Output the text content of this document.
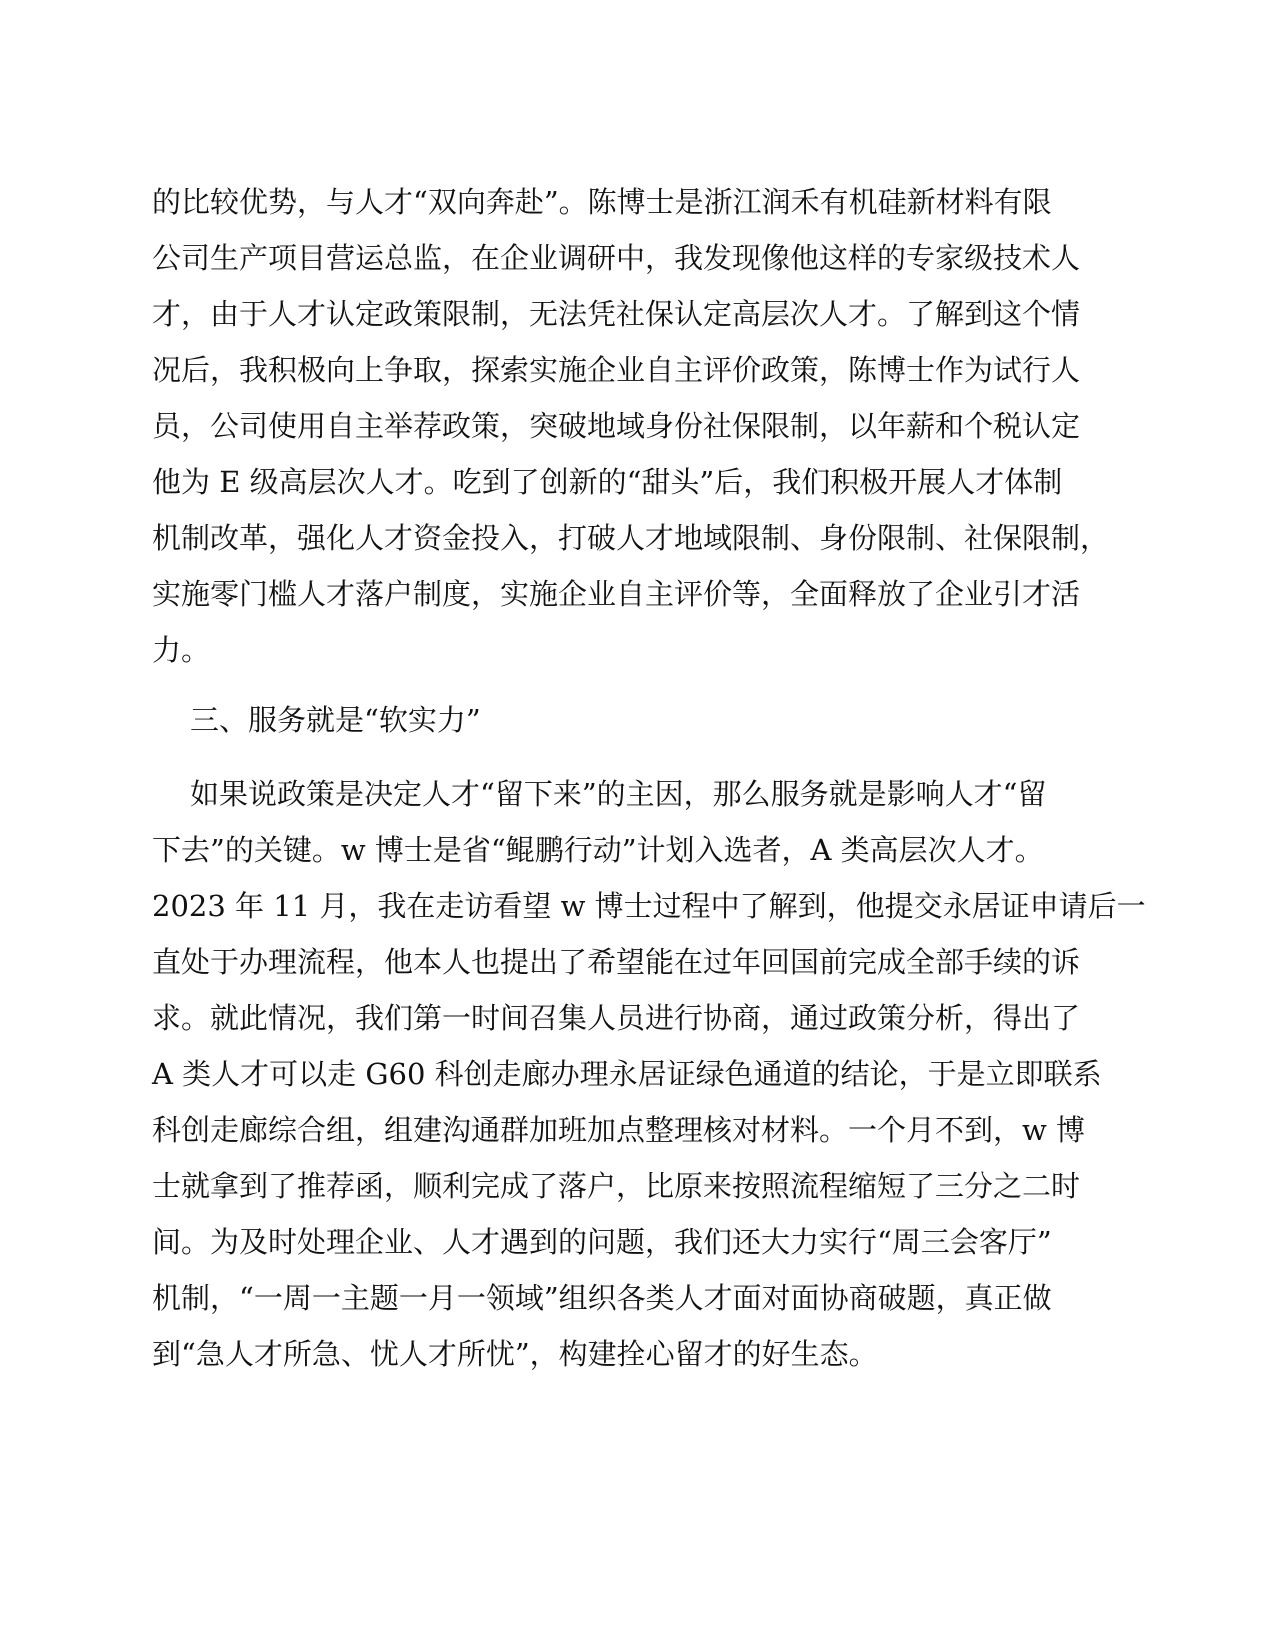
的比较优势，与人才“双向奔赴”。陈博士是浙江润禾有机硅新材料有限
公司生产项目营运总监，在企业调研中，我发现像他这样的专家级技术人
才，由于人才认定政策限制，无法凭社保认定高层次人才。了解到这个情
况后，我积极向上争取，探索实施企业自主评价政策，陈博士作为试行人
员，公司使用自主举荐政策，突破地域身份社保限制，以年薪和个税认定
他为 E 级高层次人才。吃到了创新的“甜头”后，我们积极开展人才体制
机制改革，强化人才资金投入，打破人才地域限制、身份限制、社保限制，
实施零门槛人才落户制度，实施企业自主评价等，全面释放了企业引才活
力。
三、服务就是“软实力”
如果说政策是决定人才“留下来”的主因，那么服务就是影响人才“留
下去”的关键。w 博士是省“鲲鹏行动”计划入选者，A 类高层次人才。
2023 年 11 月，我在走访看望 w 博士过程中了解到，他提交永居证申请后一
直处于办理流程，他本人也提出了希望能在过年回国前完成全部手续的诉
求。就此情况，我们第一时间召集人员进行协商，通过政策分析，得出了
A 类人才可以走 G60 科创走廊办理永居证绿色通道的结论，于是立即联系
科创走廊综合组，组建沟通群加班加点整理核对材料。一个月不到，w 博
士就拿到了推荐函，顺利完成了落户，比原来按照流程缩短了三分之二时
间。为及时处理企业、人才遇到的问题，我们还大力实行“周三会客厅”
机制，“一周一主题一月一领域”组织各类人才面对面协商破题，真正做
到“急人才所急、忧人才所忧”，构建拴心留才的好生态。
